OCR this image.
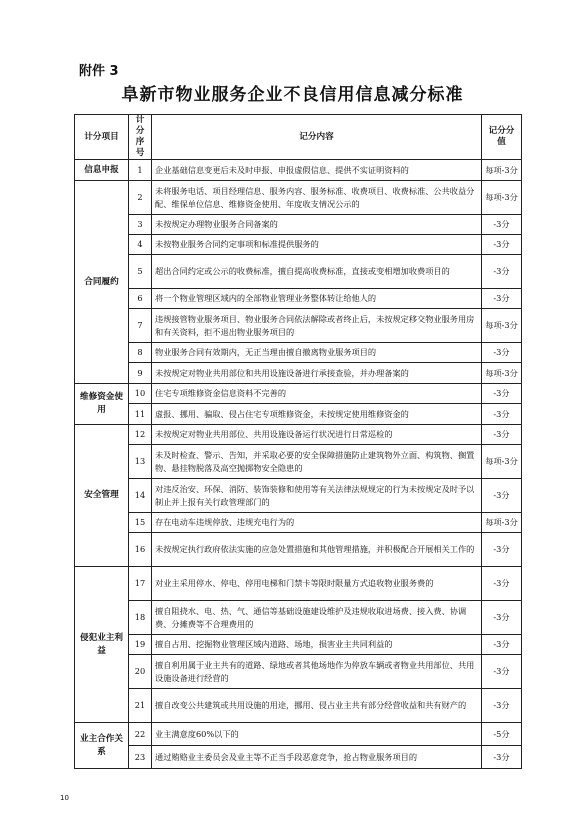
附件 3
阜新市物业服务企业不良信用信息减分标准
计分项目	计分序号	记分内容	记分分值
信息申报	1	企业基础信息变更后未及时申报、申报虚假信息、提供不实证明资料的	每项-3分
合同履约	2	未将服务电话、项目经理信息、服务内容、服务标准、收费项目、收费标准、公共收益分配、维保单位信息、维修资金使用、年度收支情况公示的	每项-3分
	3	未按规定办理物业服务合同备案的	-3分
	4	未按物业服务合同约定事项和标准提供服务的	-3分
	5	超出合同约定或公示的收费标准，擅自提高收费标准，直接或变相增加收费项目的	-3分
	6	将一个物业管理区域内的全部物业管理业务整体转让给他人的	-3分
	7	违规接管物业服务项目、物业服务合同依法解除或者终止后，未按规定移交物业服务用房和有关资料，拒不退出物业服务项目的	每项-3分
	8	物业服务合同有效期内，无正当理由擅自撤离物业服务项目的	-3分
	9	未按规定对物业共用部位和共用设施设备进行承接查验，并办理备案的	每项-3分
维修资金使用	10	住宅专项维修资金信息资料不完善的	-3分
	11	虚报、挪用、骗取、侵占住宅专项维修资金，未按规定使用维修资金的	-3分
安全管理	12	未按规定对物业共用部位、共用设施设备运行状况进行日常巡检的	-3分
	13	未及时检查、警示、告知，并采取必要的安全保障措施防止建筑物外立面、构筑物、搁置物、悬挂物脱落及高空抛掷物安全隐患的	每项-3分
	14	对违反治安、环保、消防、装饰装修和使用等有关法律法规规定的行为未按规定及时予以制止并上报有关行政管理部门的	-3分
	15	存在电动车违规停放、违规充电行为的	每项-3分
	16	未按规定执行政府依法实施的应急处置措施和其他管理措施，并积极配合开展相关工作的	-3分
侵犯业主利益	17	对业主采用停水、停电、停用电梯和门禁卡等限时限量方式追收物业服务费的	-3分
	18	擅自阻挠水、电、热、气、通信等基础设施建设维护及违规收取进场费、接入费、协调费、分摊费等不合理费用的	-3分
	19	擅自占用、挖掘物业管理区域内道路、场地，损害业主共同利益的	-3分
	20	擅自利用属于业主共有的道路、绿地或者其他场地作为停放车辆或者物业共用部位、共用设施设备进行经营的	-3分
	21	擅自改变公共建筑或共用设施的用途，挪用、侵占业主共有部分经营收益和共有财产的	-3分
业主合作关系	22	业主满意度60%以下的	-5分
	23	通过贿赂业主委员会及业主等不正当手段恶意竞争，抢占物业服务项目的	-3分
10
